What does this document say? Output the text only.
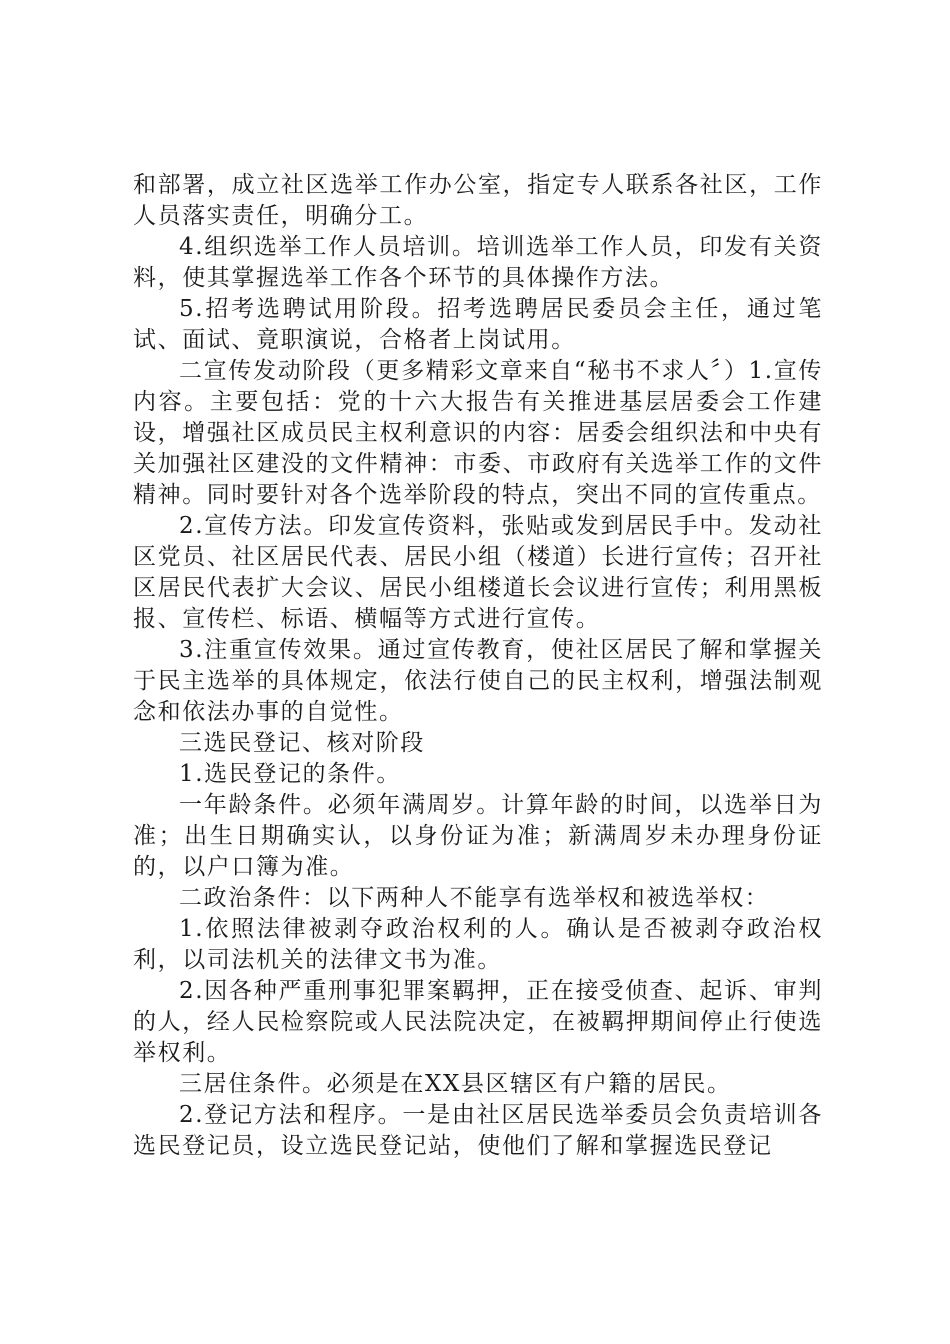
和部署，成立社区选举工作办公室，指定专人联系各社区，工作人员落实责任，明确分工。

4.组织选举工作人员培训。培训选举工作人员，印发有关资料，使其掌握选举工作各个环节的具体操作方法。

5.招考选聘试用阶段。招考选聘居民委员会主任，通过笔试、面试、竟职演说，合格者上岗试用。

二宣传发动阶段（更多精彩文章来自“秘书不求人〞）1.宣传内容。主要包括：党的十六大报告有关推进基层居委会工作建设，增强社区成员民主权利意识的内容：居委会组织法和中央有关加强社区建没的文件精神：市委、市政府有关选举工作的文件精神。同时要针对各个选举阶段的特点，突出不同的宣传重点。

2.宣传方法。印发宣传资料，张贴或发到居民手中。发动社区党员、社区居民代表、居民小组（楼道）长进行宣传；召开社区居民代表扩大会议、居民小组楼道长会议进行宣传；利用黑板报、宣传栏、标语、横幅等方式进行宣传。

3.注重宣传效果。通过宣传教育，使社区居民了解和掌握关于民主选举的具体规定，依法行使自己的民主权利，增强法制观念和依法办事的自觉性。

三选民登记、核对阶段

1.选民登记的条件。

一年龄条件。必须年满周岁。计算年龄的时间，以选举日为准；出生日期确实认，以身份证为准；新满周岁未办理身份证的，以户口簿为准。

二政治条件：以下两种人不能享有选举权和被选举权：

1.依照法律被剥夺政治权利的人。确认是否被剥夺政治权利，以司法机关的法律文书为准。

2.因各种严重刑事犯罪案羁押，正在接受侦查、起诉、审判的人，经人民检察院或人民法院决定，在被羁押期间停止行使选举权利。

三居住条件。必须是在XX县区辖区有户籍的居民。

2.登记方法和程序。一是由社区居民选举委员会负责培训各选民登记员，设立选民登记站，使他们了解和掌握选民登记
